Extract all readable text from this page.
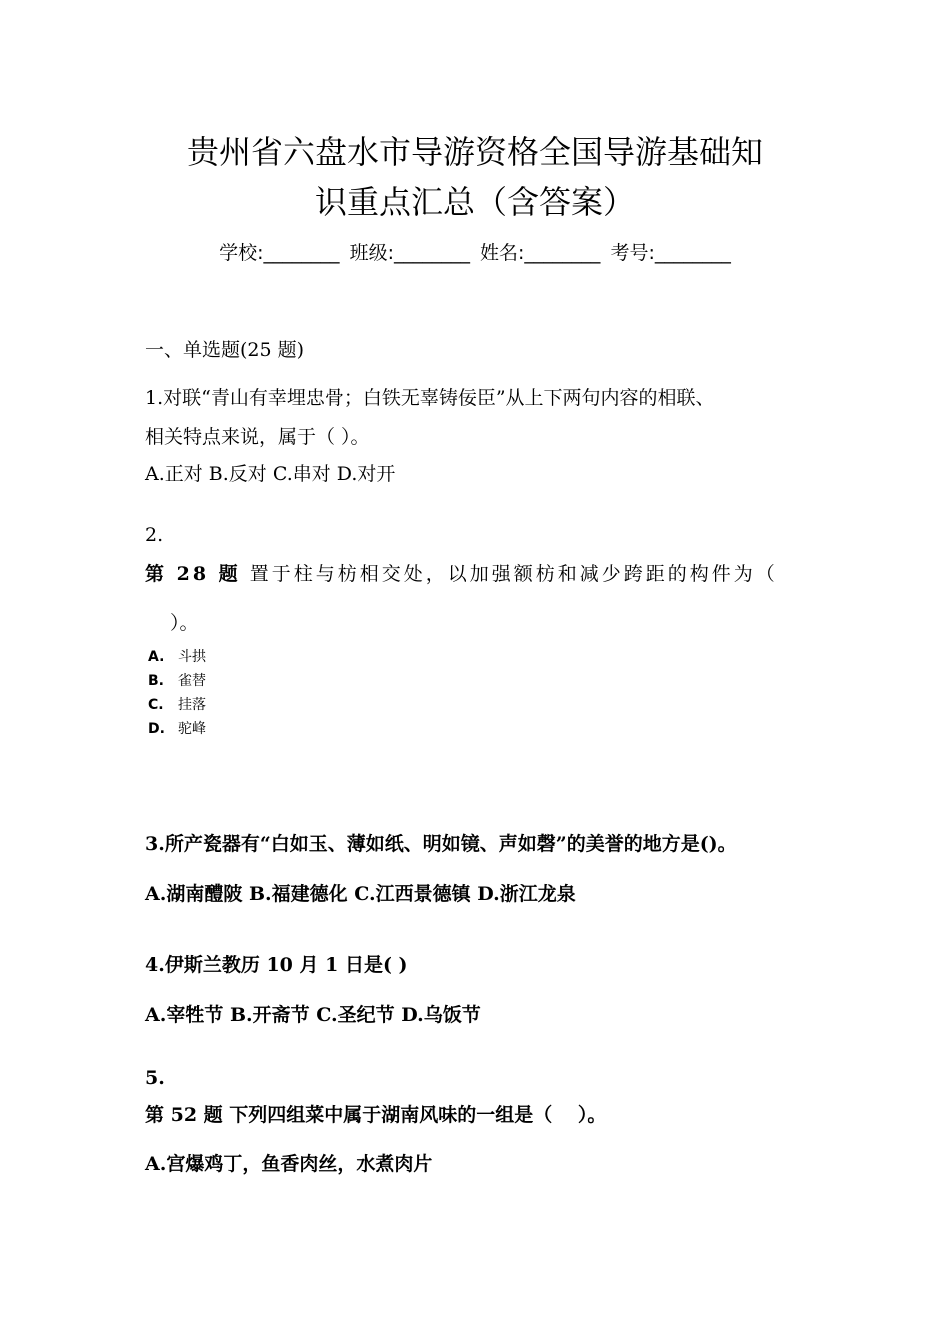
贵州省六盘水市导游资格全国导游基础知
识重点汇总（含答案）
学校:________ 班级:________ 姓名:________ 考号:________
一、单选题(25 题)
1.对联“青山有幸埋忠骨；白铁无辜铸佞臣”从上下两句内容的相联、
相关特点来说，属于（ ）。
A.正对 B.反对 C.串对 D.对开
2.
第 28 题 置于柱与枋相交处，以加强额枋和减少跨距的构件为（
）。
A. 斗拱
B. 雀替
C. 挂落
D. 驼峰
3.所产瓷器有“白如玉、薄如纸、明如镜、声如磬”的美誉的地方是()。
A.湖南醴陂 B.福建德化 C.江西景德镇 D.浙江龙泉
4.伊斯兰教历 10 月 1 日是( )
A.宰牲节 B.开斋节 C.圣纪节 D.乌饭节
5.
第 52 题 下列四组菜中属于湖南风味的一组是（　 ）。
A.宫爆鸡丁，鱼香肉丝，水煮肉片
